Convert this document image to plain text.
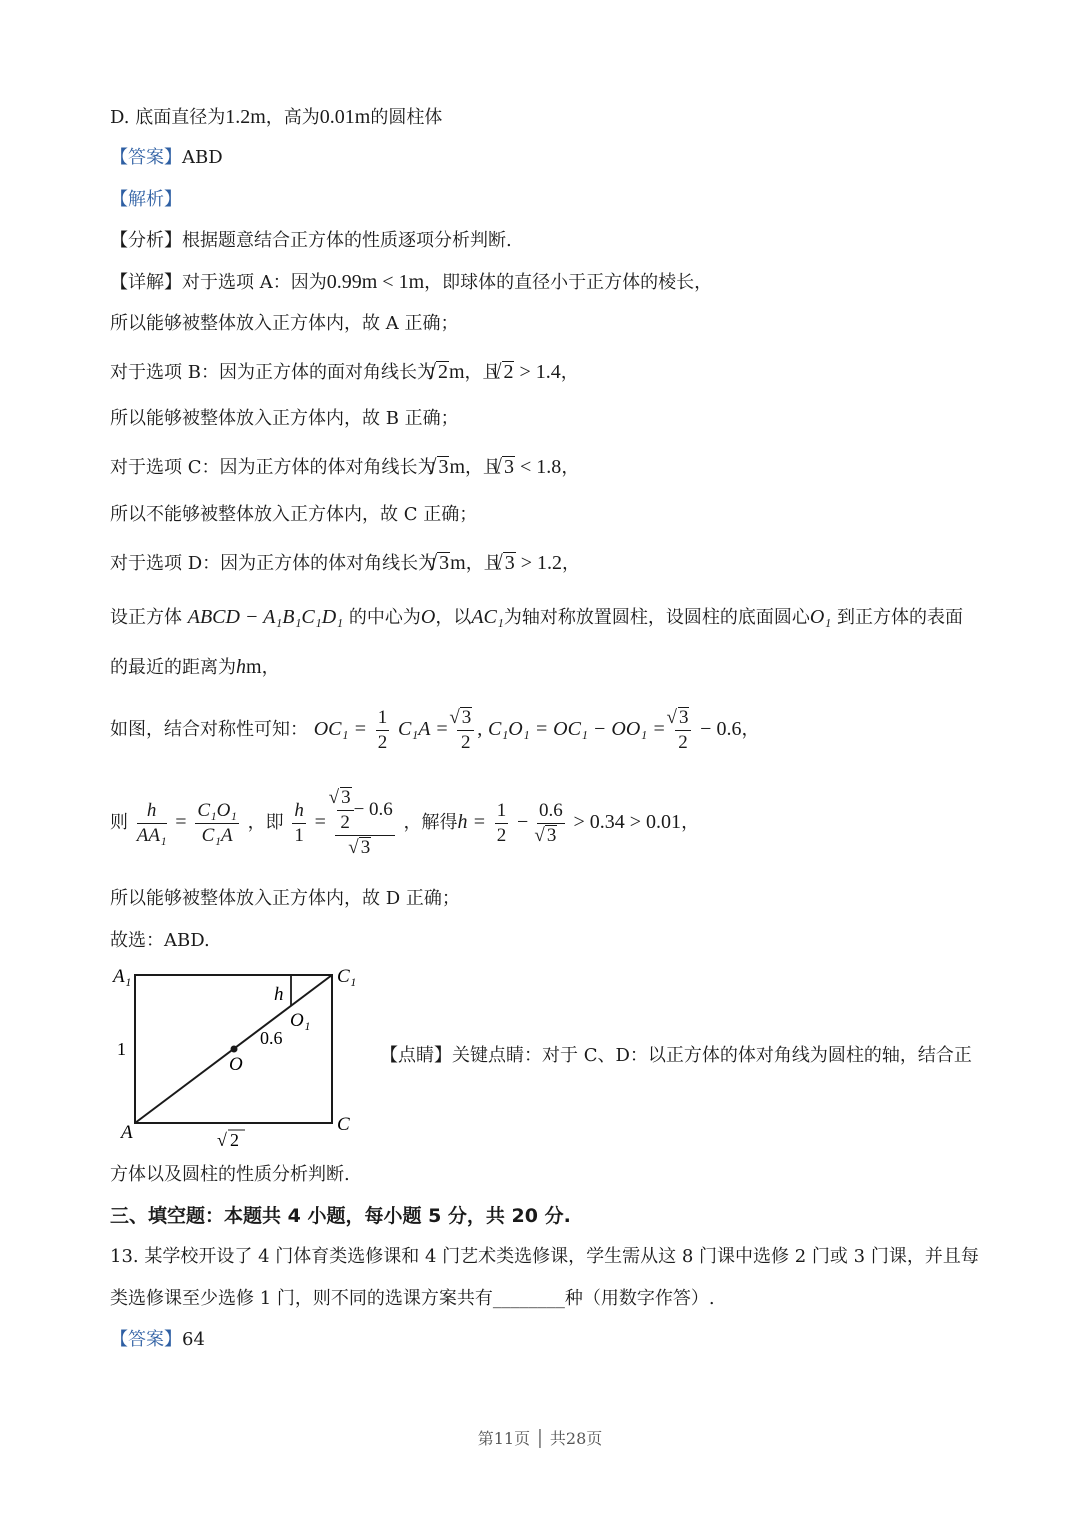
D. 底面直径为1.2m，高为0.01m的圆柱体
【答案】ABD
【解析】
【分析】根据题意结合正方体的性质逐项分析判断.
【详解】对于选项 A：因为0.99m < 1m，即球体的直径小于正方体的棱长，
所以能够被整体放入正方体内，故 A 正确；
对于选项 B：因为正方体的面对角线长为 √ 2m，且 √ 2 > 1.4，
所以能够被整体放入正方体内，故 B 正确；
对于选项 C：因为正方体的体对角线长为 √ 3m，且 √ 3 < 1.8，
所以不能够被整体放入正方体内，故 C 正确；
对于选项 D：因为正方体的体对角线长为 √ 3m，且 √ 3 > 1.2，
设正方体 ABCD − A₁B₁C₁D₁ 的中心为O，以AC₁为轴对称放置圆柱，设圆柱的底面圆心O₁ 到正方体的表面
的最近的距离为hm，
如图，结合对称性可知： $OC_1 = \frac{1}{2} C_1A$ = √ $\frac{3}{2}$ , C₁O₁ = OC₁ − OO₁ = √ $\frac{3}{2} - 0.6$，
则 $\frac{h}{\text{AA₁}} = \frac{\text{C₁O₁}}{\text{C₁A}}$ ，即 $\frac{h}{1}$ = √ $\frac{3}{2} - 0.6$
√ 3 ，解得$h = \frac{1}{2} - 0.6$
√ 3 > 0.34 > 0.01，
所以能够被整体放入正方体内，故 D 正确；
故选：ABD.
A₁	C₁
A	C
O
O₁
h
0.6
1
√ 2
【点睛】关键点睛：对于 C、D：以正方体的体对角线为圆柱的轴，结合正
方体以及圆柱的性质分析判断.
三、填空题：本题共 4 小题，每小题 5 分，共 20 分.
13. 某学校开设了 4 门体育类选修课和 4 门艺术类选修课，学生需从这 8 门课中选修 2 门或 3 门课，并且每
类选修课至少选修 1 门，则不同的选课方案共有________种（用数字作答）.
【答案】64
第11页 │ 共28页
